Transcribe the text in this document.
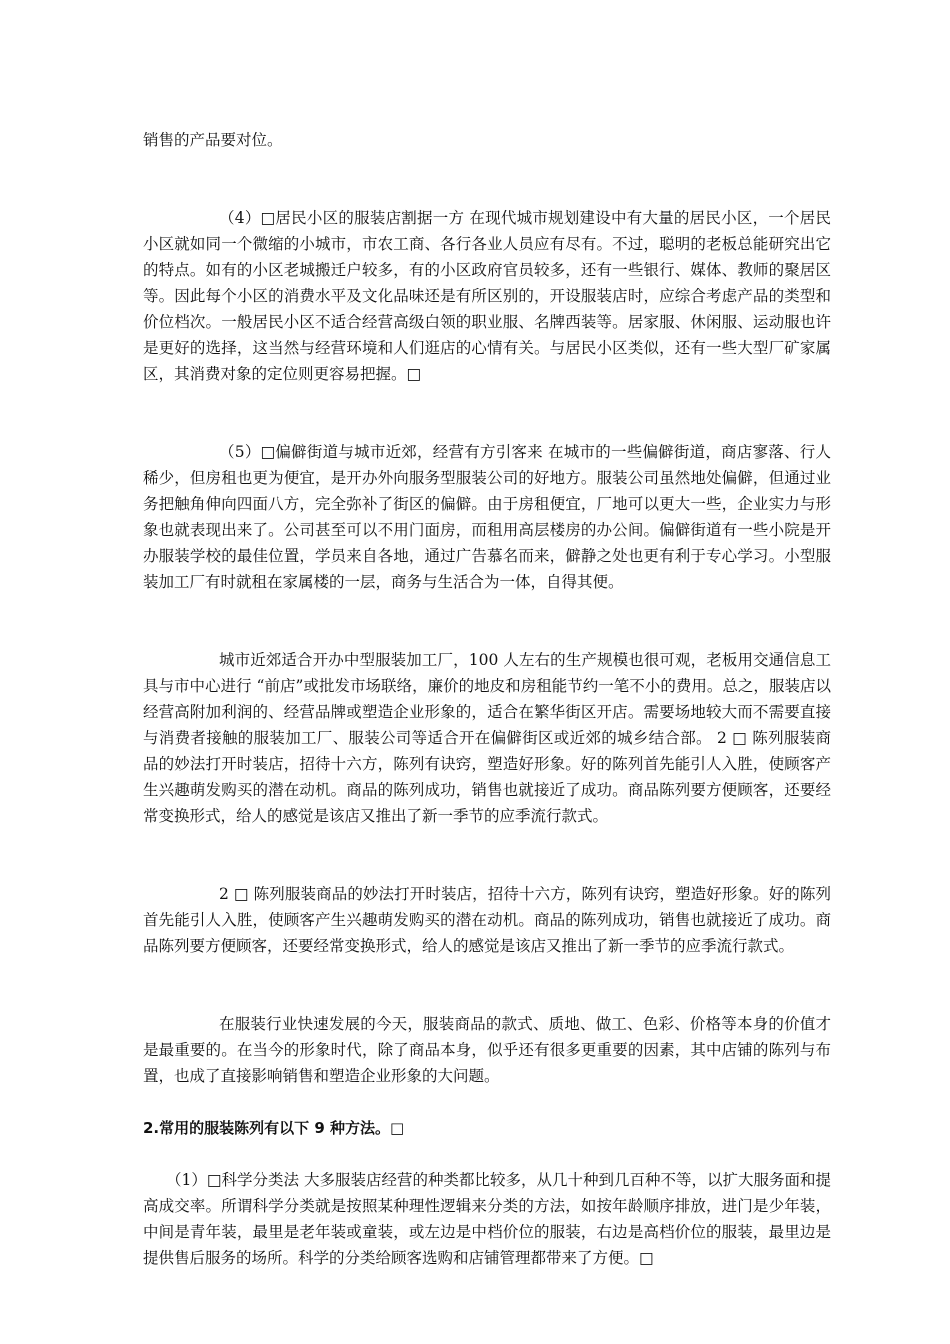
销售的产品要对位。

（4）□居民小区的服装店割据一方 在现代城市规划建设中有大量的居民小区，一个居民小区就如同一个微缩的小城市，市农工商、各行各业人员应有尽有。不过，聪明的老板总能研究出它的特点。如有的小区老城搬迁户较多，有的小区政府官员较多，还有一些银行、媒体、教师的聚居区等。因此每个小区的消费水平及文化品味还是有所区别的，开设服装店时，应综合考虑产品的类型和价位档次。一般居民小区不适合经营高级白领的职业服、名牌西装等。居家服、休闲服、运动服也许是更好的选择，这当然与经营环境和人们逛店的心情有关。与居民小区类似，还有一些大型厂矿家属区，其消费对象的定位则更容易把握。□

（5）□偏僻街道与城市近郊，经营有方引客来 在城市的一些偏僻街道，商店寥落、行人稀少，但房租也更为便宜，是开办外向服务型服装公司的好地方。服装公司虽然地处偏僻，但通过业务把触角伸向四面八方，完全弥补了街区的偏僻。由于房租便宜，厂地可以更大一些，企业实力与形象也就表现出来了。公司甚至可以不用门面房，而租用高层楼房的办公间。偏僻街道有一些小院是开办服装学校的最佳位置，学员来自各地，通过广告慕名而来，僻静之处也更有利于专心学习。小型服装加工厂有时就租在家属楼的一层，商务与生活合为一体，自得其便。

城市近郊适合开办中型服装加工厂，100 人左右的生产规模也很可观，老板用交通信息工具与市中心进行 “前店”或批发市场联络，廉价的地皮和房租能节约一笔不小的费用。总之，服装店以经营高附加利润的、经营品牌或塑造企业形象的，适合在繁华街区开店。需要场地较大而不需要直接与消费者接触的服装加工厂、服装公司等适合开在偏僻街区或近郊的城乡结合部。 2 □ 陈列服装商品的妙法打开时装店，招待十六方，陈列有诀窍，塑造好形象。好的陈列首先能引人入胜，使顾客产生兴趣萌发购买的潜在动机。商品的陈列成功，销售也就接近了成功。商品陈列要方便顾客，还要经常变换形式，给人的感觉是该店又推出了新一季节的应季流行款式。

2 □ 陈列服装商品的妙法打开时装店，招待十六方，陈列有诀窍，塑造好形象。好的陈列首先能引人入胜，使顾客产生兴趣萌发购买的潜在动机。商品的陈列成功，销售也就接近了成功。商品陈列要方便顾客，还要经常变换形式，给人的感觉是该店又推出了新一季节的应季流行款式。

在服装行业快速发展的今天，服装商品的款式、质地、做工、色彩、价格等本身的价值才是最重要的。在当今的形象时代，除了商品本身，似乎还有很多更重要的因素，其中店铺的陈列与布置，也成了直接影响销售和塑造企业形象的大问题。

2.常用的服装陈列有以下 9 种方法。□

（1）□科学分类法 大多服装店经营的种类都比较多，从几十种到几百种不等，以扩大服务面和提高成交率。所谓科学分类就是按照某种理性逻辑来分类的方法，如按年龄顺序排放，进门是少年装，中间是青年装，最里是老年装或童装，或左边是中档价位的服装，右边是高档价位的服装，最里边是提供售后服务的场所。科学的分类给顾客选购和店铺管理都带来了方便。□
